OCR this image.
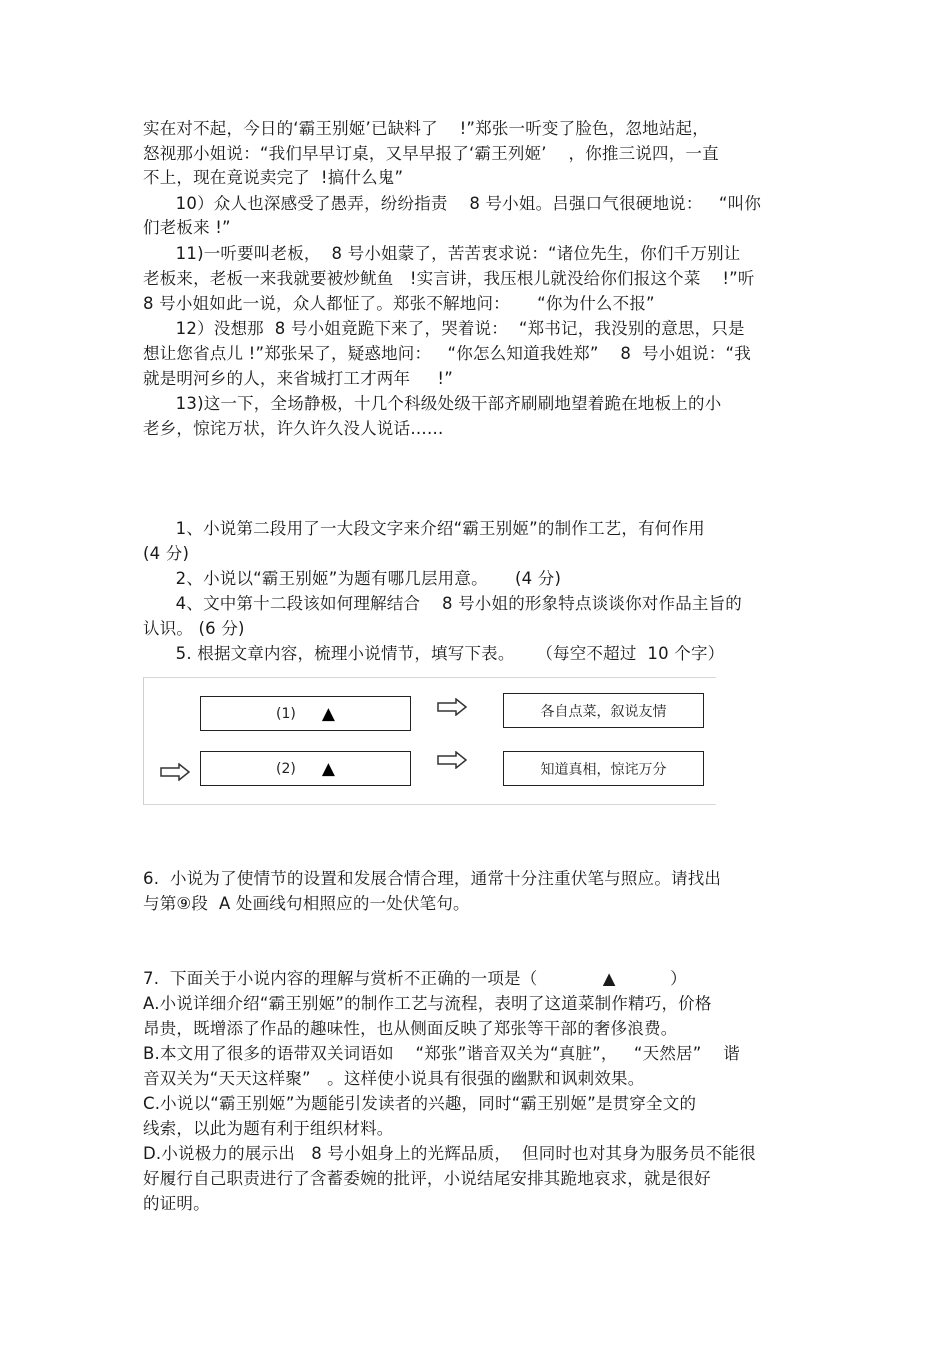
实在对不起，今日的‘霸王别姬’已缺料了    !”郑张一听变了脸色，忽地站起，
怒视那小姐说：“我们早早订桌，又早早报了‘霸王列姬’    ，你推三说四，一直
不上，现在竟说卖完了  !搞什么鬼”
10）众人也深感受了愚弄，纷纷指责    8 号小姐。吕强口气很硬地说：   “叫你
们老板来 !”
11)一听要叫老板，  8 号小姐蒙了，苦苦衷求说：“诸位先生，你们千万别让
老板来，老板一来我就要被炒鱿鱼   !实言讲，我压根儿就没给你们报这个菜    !”听
8 号小姐如此一说，众人都怔了。郑张不解地问：     “你为什么不报”
12）没想那  8 号小姐竟跪下来了，哭着说：  “郑书记，我没别的意思，只是
想让您省点儿 !”郑张呆了，疑惑地问：   “你怎么知道我姓郑”    8  号小姐说：“我
就是明河乡的人，来省城打工才两年     !”
13)这一下，全场静极，十几个科级处级干部齐刷刷地望着跪在地板上的小
老乡，惊诧万状，许久许久没人说话……
1、小说第二段用了一大段文字来介绍“霸王别姬”的制作工艺，有何作用
(4 分)
2、小说以“霸王别姬”为题有哪几层用意。     (4 分)
4、文中第十二段该如何理解结合    8 号小姐的形象特点谈谈你对作品主旨的
认识。 (6 分)
5. 根据文章内容，梳理小说情节，填写下表。    （每空不超过  10 个字）
(1) ▲	各自点菜，叙说友情
(2) ▲	知道真相，惊诧万分
6.  小说为了使情节的设置和发展合情合理，通常十分注重伏笔与照应。请找出
与第⑨段  A 处画线句相照应的一处伏笔句。
7.  下面关于小说内容的理解与赏析不正确的一项是（            ▲          ）
A.小说详细介绍“霸王别姬”的制作工艺与流程，表明了这道菜制作精巧，价格
昂贵，既增添了作品的趣味性，也从侧面反映了郑张等干部的奢侈浪费。
B.本文用了很多的语带双关词语如    “郑张”谐音双关为“真脏”，   “天然居”    谐
音双关为“天天这样聚”   。这样使小说具有很强的幽默和讽刺效果。
C.小说以“霸王别姬”为题能引发读者的兴趣，同时“霸王别姬”是贯穿全文的
线索，以此为题有利于组织材料。
D.小说极力的展示出   8 号小姐身上的光辉品质，  但同时也对其身为服务员不能很
好履行自己职责进行了含蓄委婉的批评，小说结尾安排其跪地哀求，就是很好
的证明。
